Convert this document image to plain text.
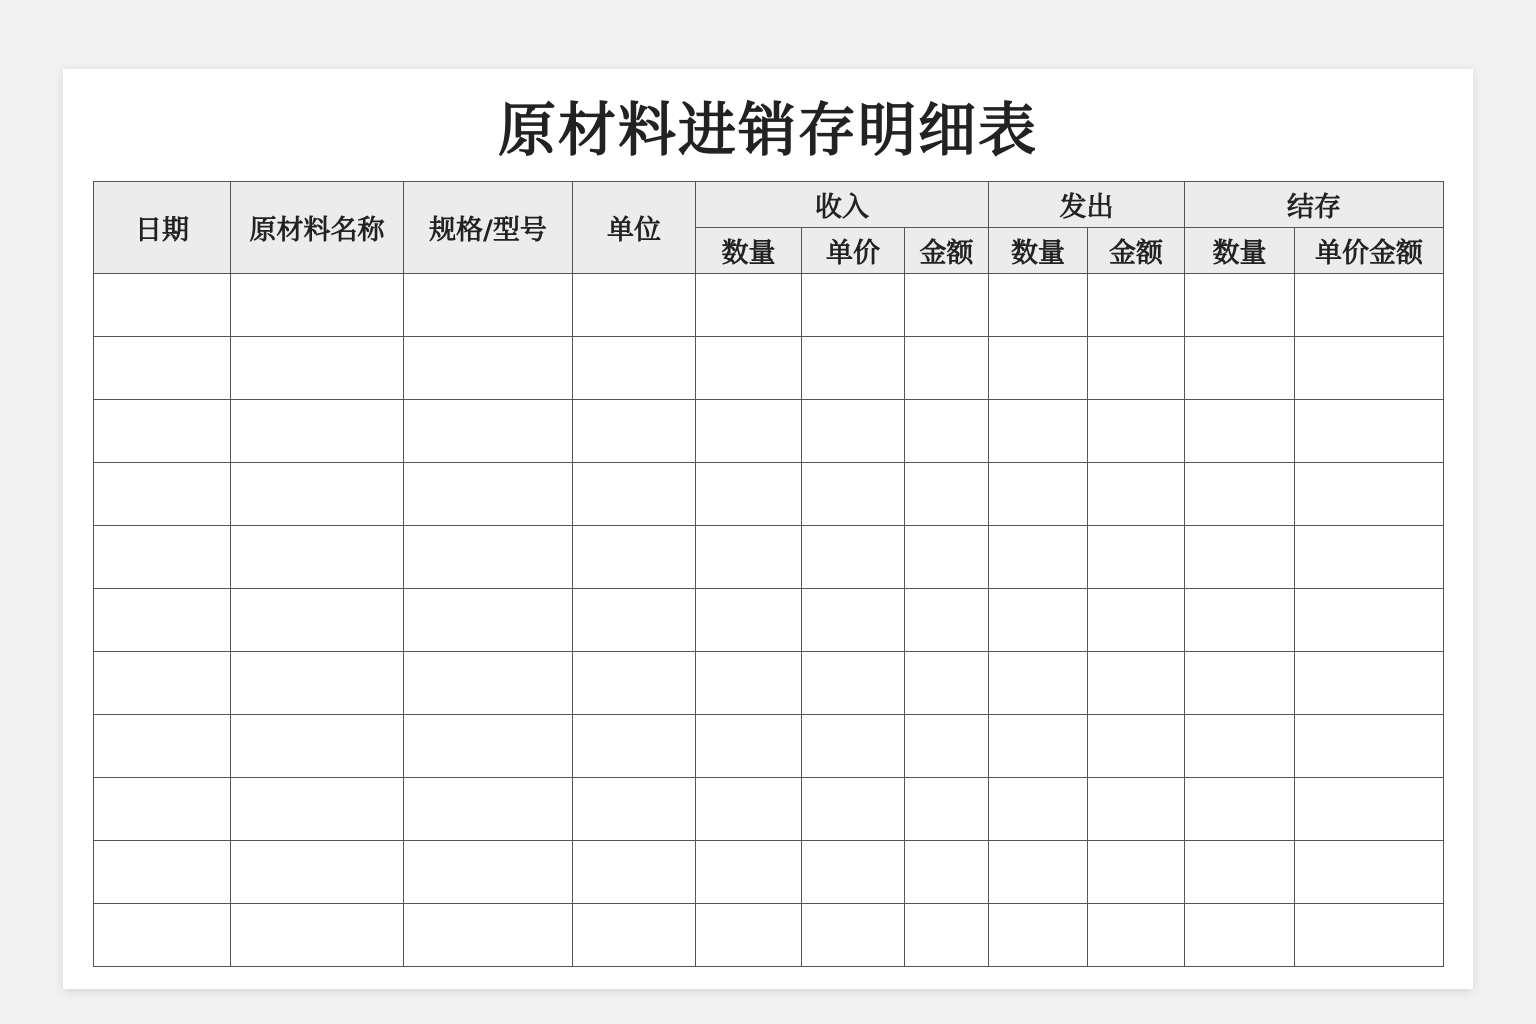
原材料进销存明细表
日期	原材料名称	规格/型号	单位	收入			发出		结存	
				数量	单价	金额	数量	金额	数量	单价金额
